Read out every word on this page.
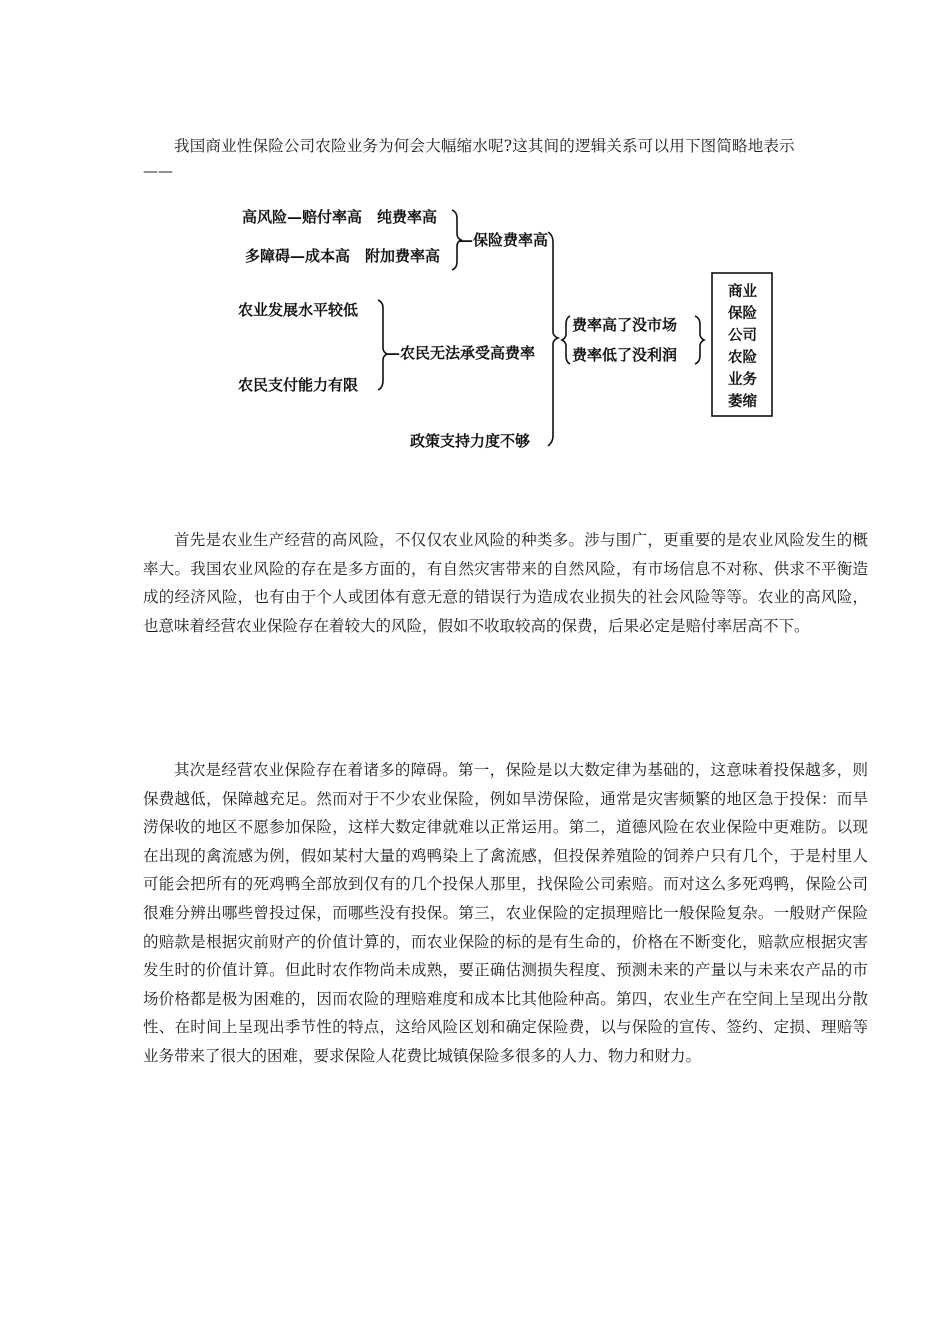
我国商业性保险公司农险业务为何会大幅缩水呢?这其间的逻辑关系可以用下图简略地表示

——
高风险—赔付率高　纯费率高
多障碍—成本高　附加费率高
—保险费率高
农业发展水平较低
农民支付能力有限
—农民无法承受高费率
政策支持力度不够
费率高了没市场
费率低了没利润
商业
保险
公司
农险
业务
萎缩

首先是农业生产经营的高风险，不仅仅农业风险的种类多。涉与围广，更重要的是农业风险发生的概率大。我国农业风险的存在是多方面的，有自然灾害带来的自然风险，有市场信息不对称、供求不平衡造成的经济风险，也有由于个人或团体有意无意的错误行为造成农业损失的社会风险等等。农业的高风险，也意味着经营农业保险存在着较大的风险，假如不收取较高的保费，后果必定是赔付率居高不下。

其次是经营农业保险存在着诸多的障碍。第一，保险是以大数定律为基础的，这意味着投保越多，则保费越低，保障越充足。然而对于不少农业保险，例如旱涝保险，通常是灾害频繁的地区急于投保：而旱涝保收的地区不愿参加保险，这样大数定律就难以正常运用。第二，道德风险在农业保险中更难防。以现在出现的禽流感为例，假如某村大量的鸡鸭染上了禽流感，但投保养殖险的饲养户只有几个，于是村里人可能会把所有的死鸡鸭全部放到仅有的几个投保人那里，找保险公司索赔。而对这么多死鸡鸭，保险公司很难分辨出哪些曾投过保，而哪些没有投保。第三，农业保险的定损理赔比一般保险复杂。一般财产保险的赔款是根据灾前财产的价值计算的，而农业保险的标的是有生命的，价格在不断变化，赔款应根据灾害发生时的价值计算。但此时农作物尚未成熟，要正确估测损失程度、预测未来的产量以与未来农产品的市场价格都是极为困难的，因而农险的理赔难度和成本比其他险种高。第四，农业生产在空间上呈现出分散性、在时间上呈现出季节性的特点，这给风险区划和确定保险费，以与保险的宣传、签约、定损、理赔等业务带来了很大的困难，要求保险人花费比城镇保险多很多的人力、物力和财力。
